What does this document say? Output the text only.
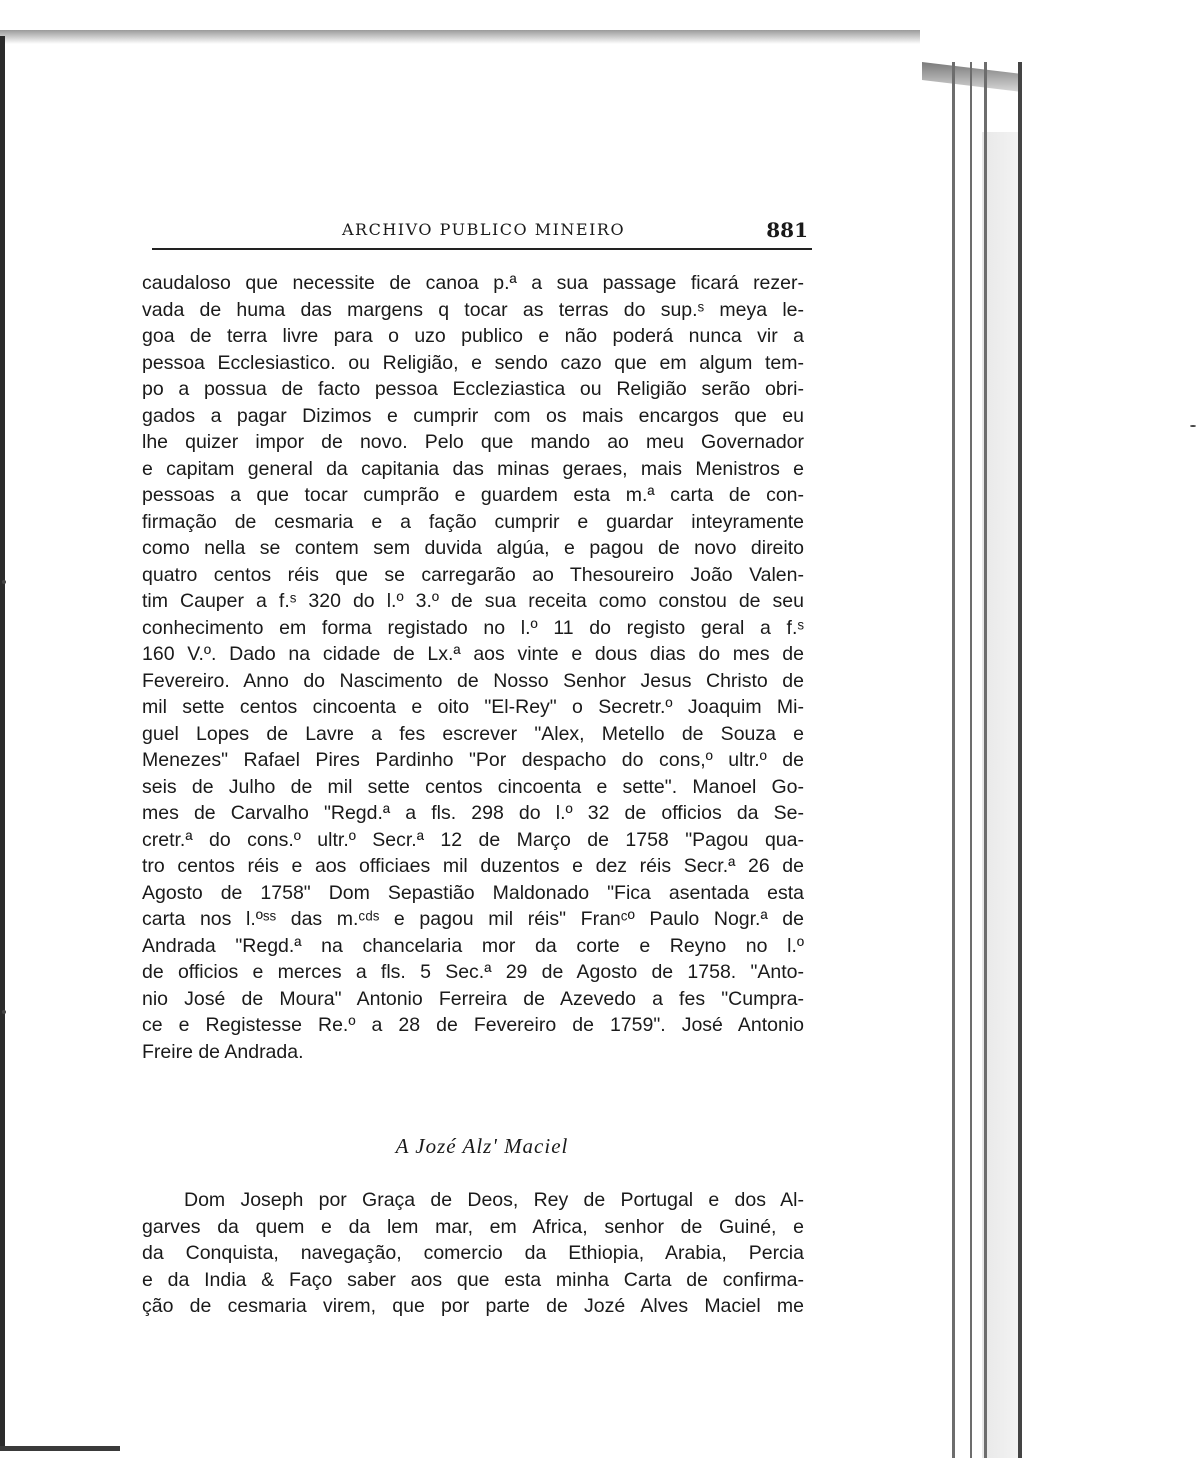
ARCHIVO PUBLICO MINEIRO	881
caudaloso que necessite de canoa p.ª a sua passage ficará rezer-
vada de huma das margens q tocar as terras do sup.ˢ meya le-
goa de terra livre para o uzo publico e não poderá nunca vir a
pessoa Ecclesiastico. ou Religião, e sendo cazo que em algum tem-
po a possua de facto pessoa Eccleziastica ou Religião serão obri-
gados a pagar Dizimos e cumprir com os mais encargos que eu
lhe quizer impor de novo. Pelo que mando ao meu Governador
e capitam general da capitania das minas geraes, mais Menistros e
pessoas a que tocar cumprão e guardem esta m.ª carta de con-
firmação de cesmaria e a fação cumprir e guardar inteyramente
como nella se contem sem duvida algúa, e pagou de novo direito
quatro centos réis que se carregarão ao Thesoureiro João Valen-
tim Cauper a f.ˢ 320 do l.º 3.º de sua receita como constou de seu
conhecimento em forma registado no l.º 11 do registo geral a f.ˢ
160 V.º. Dado na cidade de Lx.ª aos vinte e dous dias do mes de
Fevereiro. Anno do Nascimento de Nosso Senhor Jesus Christo de
mil sette centos cincoenta e oito "El-Rey" o Secretr.º Joaquim Mi-
guel Lopes de Lavre a fes escrever "Alex, Metello de Souza e
Menezes" Rafael Pires Pardinho "Por despacho do cons,º ultr.º de
seis de Julho de mil sette centos cincoenta e sette". Manoel Go-
mes de Carvalho "Regd.ª a fls. 298 do l.º 32 de officios da Se-
cretr.ª do cons.º ultr.º Secr.ª 12 de Março de 1758 "Pagou qua-
tro centos réis e aos officiaes mil duzentos e dez réis Secr.ª 26 de
Agosto de 1758" Dom Sepastião Maldonado "Fica asentada esta
carta nos l.ºˢˢ das m.ᶜᵈˢ e pagou mil réis" Franᶜº Paulo Nogr.ª de
Andrada "Regd.ª na chancelaria mor da corte e Reyno no l.º
de officios e merces a fls. 5 Sec.ª 29 de Agosto de 1758. "Anto-
nio José de Moura" Antonio Ferreira de Azevedo a fes "Cumpra-
ce e Registesse Re.º a 28 de Fevereiro de 1759". José Antonio
Freire de Andrada.
A Jozé Alz' Maciel
Dom Joseph por Graça de Deos, Rey de Portugal e dos Al-
garves da quem e da lem mar, em Africa, senhor de Guiné, e
da Conquista, navegação, comercio da Ethiopia, Arabia, Percia
e da India & Faço saber aos que esta minha Carta de confirma-
ção de cesmaria virem, que por parte de Jozé Alves Maciel me
